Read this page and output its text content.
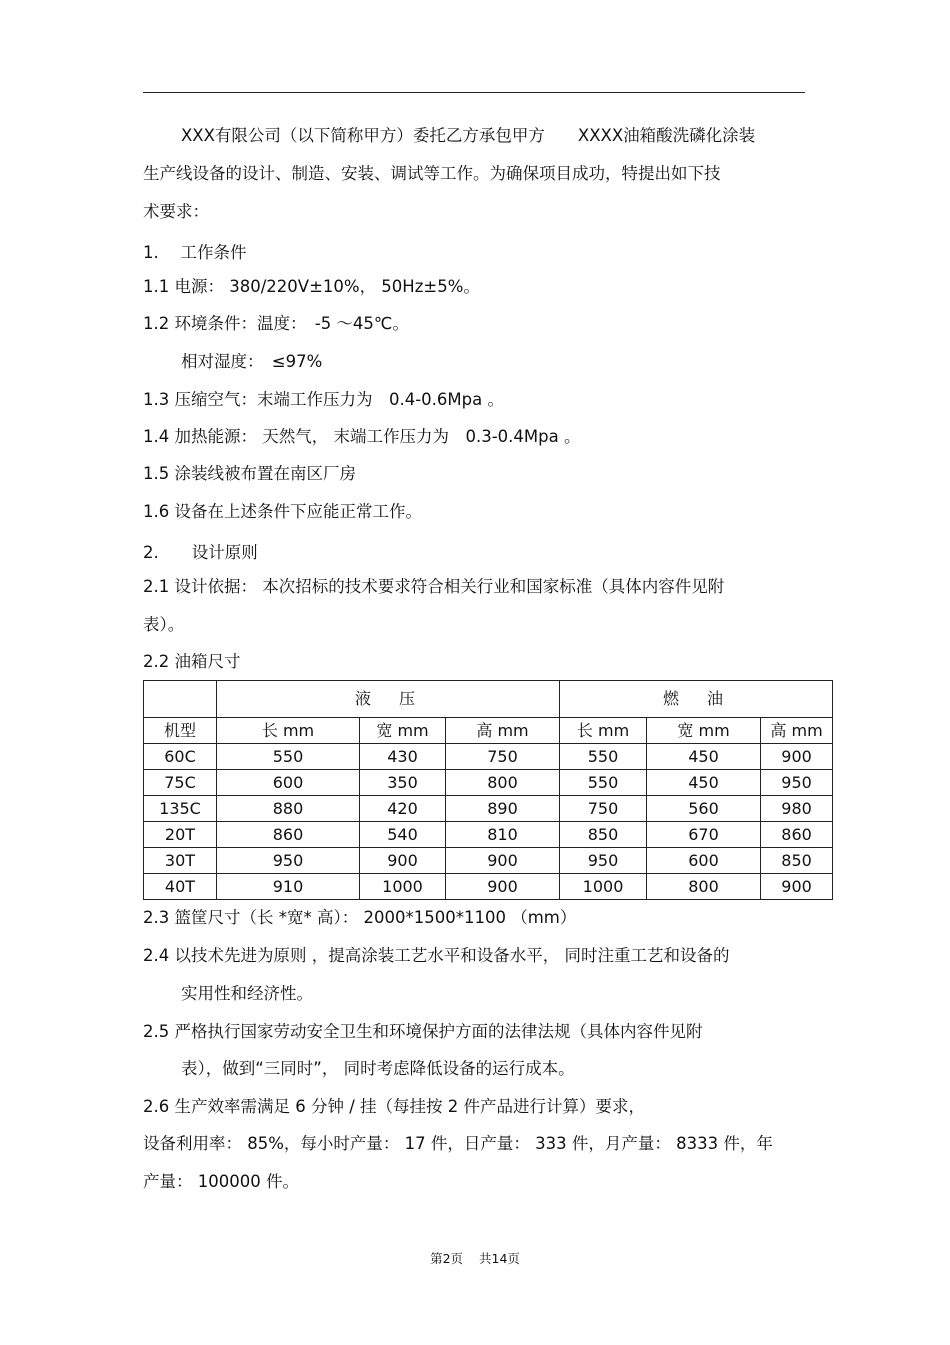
XXX有限公司（以下简称甲方）委托乙方承包甲方　　XXXX油箱酸洗磷化涂装
生产线设备的设计、制造、安装、调试等工作。为确保项目成功，特提出如下技
术要求：
1.　 工作条件
1.1 电源： 380/220V±10%， 50Hz±5%。
1.2 环境条件：温度：　-5 ～45℃。
相对湿度：　≤97%
1.3 压缩空气：末端工作压力为　0.4-0.6Mpa 。
1.4 加热能源： 天然气， 末端工作压力为　0.3-0.4Mpa 。
1.5 涂装线被布置在南区厂房
1.6 设备在上述条件下应能正常工作。
2.　　设计原则
2.1 设计依据： 本次招标的技术要求符合相关行业和国家标准（具体内容件见附
表）。
2.2 油箱尺寸
	液　压			燃　油		
机型	长 mm	宽 mm	高 mm	长 mm	宽 mm	高 mm
60C	550	430	750	550	450	900
75C	600	350	800	550	450	950
135C	880	420	890	750	560	980
20T	860	540	810	850	670	860
30T	950	900	900	950	600	850
40T	910	1000	900	1000	800	900
2.3 篮筐尺寸（长 *宽* 高）： 2000*1500*1100 （mm）
2.4 以技术先进为原则 ，提高涂装工艺水平和设备水平， 同时注重工艺和设备的
实用性和经济性。
2.5 严格执行国家劳动安全卫生和环境保护方面的法律法规（具体内容件见附
表），做到“三同时”， 同时考虑降低设备的运行成本。
2.6 生产效率需满足 6 分钟 / 挂（每挂按 2 件产品进行计算）要求，
设备利用率： 85%，每小时产量： 17 件，日产量： 333 件，月产量： 8333 件，年
产量： 100000 件。
第2页 共14页
